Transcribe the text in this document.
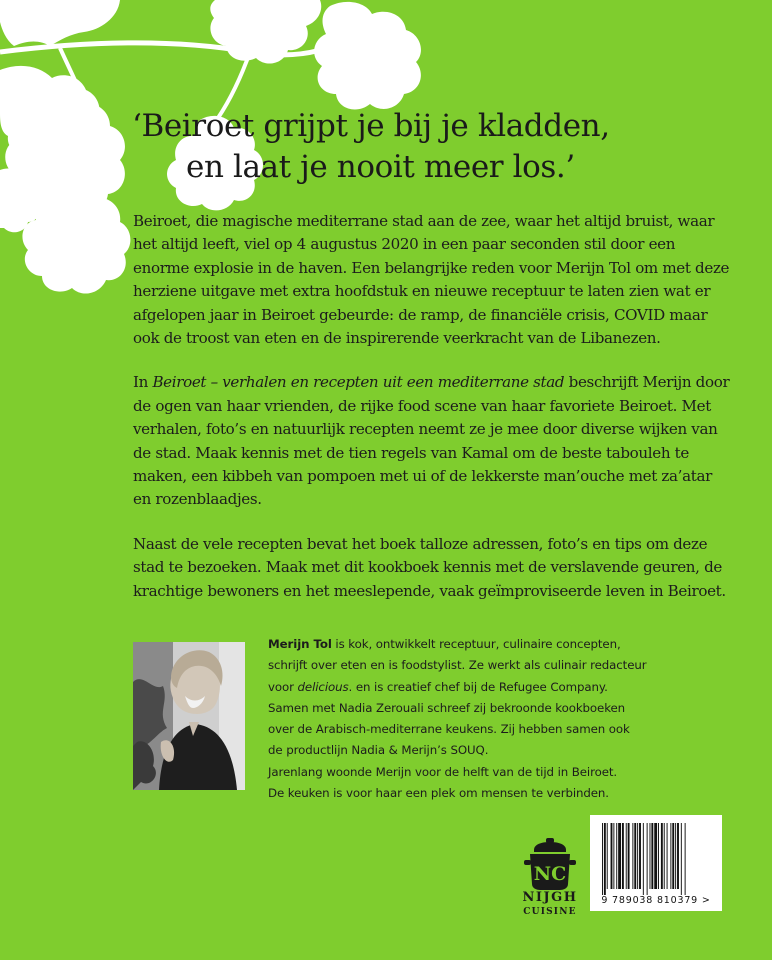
‘Beiroet grijpt je bij je kladden,
en laat je nooit meer los.’

Beiroet, die magische mediterrane stad aan de zee, waar het altijd bruist, waar het altijd leeft, viel op 4 augustus 2020 in een paar seconden stil door een enorme explosie in de haven. Een belangrijke reden voor Merijn Tol om met deze herziene uitgave met extra hoofdstuk en nieuwe receptuur te laten zien wat er afgelopen jaar in Beiroet gebeurde: de ramp, de financiële crisis, COVID maar ook de troost van eten en de inspirerende veerkracht van de Libanezen.

In Beiroet – verhalen en recepten uit een mediterrane stad beschrijft Merijn door de ogen van haar vrienden, de rijke food scene van haar favoriete Beiroet. Met verhalen, foto’s en natuurlijk recepten neemt ze je mee door diverse wijken van de stad. Maak kennis met de tien regels van Kamal om de beste tabouleh te maken, een kibbeh van pompoen met ui of de lekkerste man’ouche met za’atar en rozenblaadjes.

Naast de vele recepten bevat het boek talloze adressen, foto’s en tips om deze stad te bezoeken. Maak met dit kookboek kennis met de verslavende geuren, de krachtige bewoners en het meeslepende, vaak geïmproviseerde leven in Beiroet.

Merijn Tol is kok, ontwikkelt receptuur, culinaire concepten,
schrijft over eten en is foodstylist. Ze werkt als culinair redacteur
voor delicious. en is creatief chef bij de Refugee Company.
Samen met Nadia Zerouali schreef zij bekroonde kookboeken
over de Arabisch-mediterrane keukens. Zij hebben samen ook
de productlijn Nadia & Merijn’s SOUQ.
Jarenlang woonde Merijn voor de helft van de tijd in Beiroet.
De keuken is voor haar een plek om mensen te verbinden.
NC
NIJGH
CUISINE
9 789038 810379 >
